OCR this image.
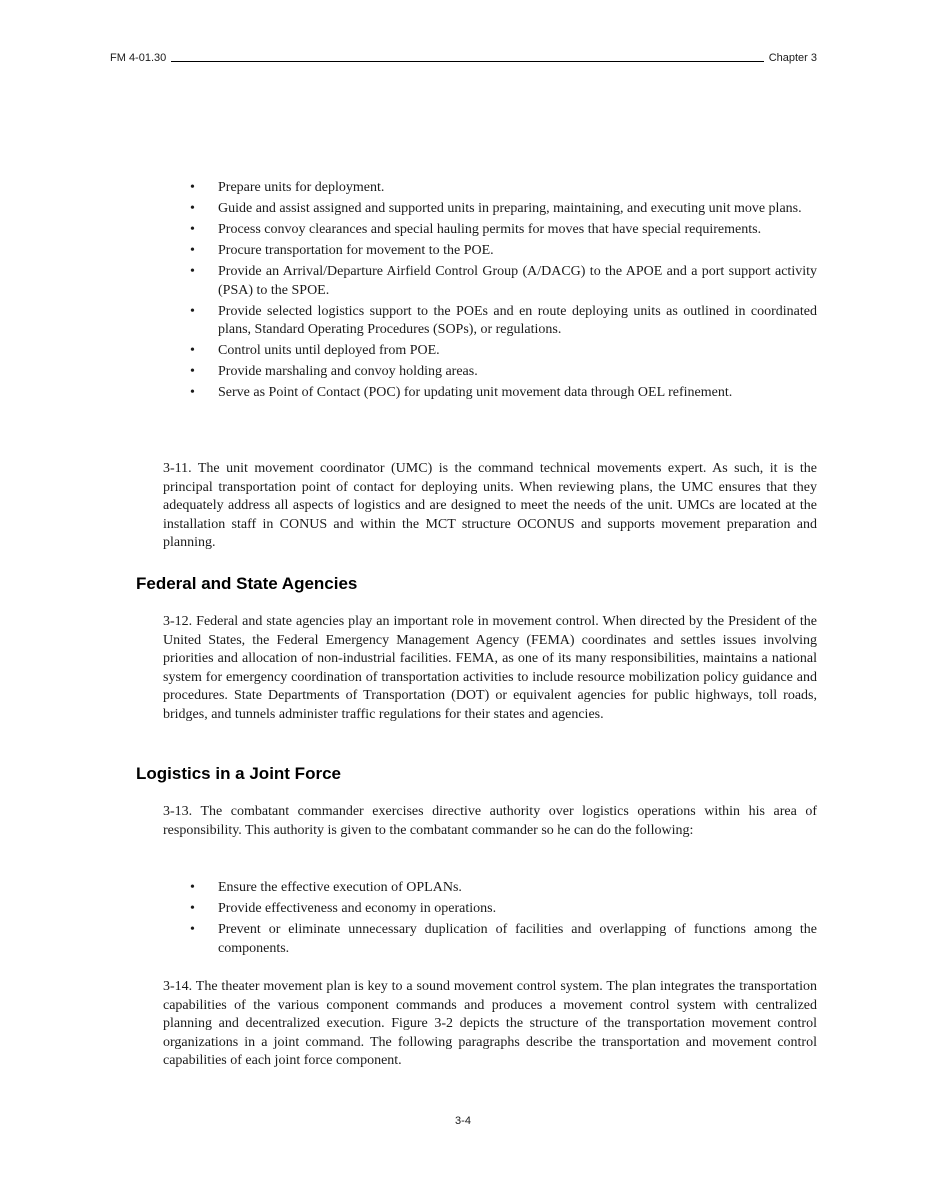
FM 4-01.30	Chapter 3
• Prepare units for deployment.
• Guide and assist assigned and supported units in preparing, maintaining, and executing unit move plans.
• Process convoy clearances and special hauling permits for moves that have special requirements.
• Procure transportation for movement to the POE.
• Provide an Arrival/Departure Airfield Control Group (A/DACG) to the APOE and a port support activity (PSA) to the SPOE.
• Provide selected logistics support to the POEs and en route deploying units as outlined in coordinated plans, Standard Operating Procedures (SOPs), or regulations.
• Control units until deployed from POE.
• Provide marshaling and convoy holding areas.
• Serve as Point of Contact (POC) for updating unit movement data through OEL refinement.

3-11. The unit movement coordinator (UMC) is the command technical movements expert. As such, it is the principal transportation point of contact for deploying units. When reviewing plans, the UMC ensures that they adequately address all aspects of logistics and are designed to meet the needs of the unit. UMCs are located at the installation staff in CONUS and within the MCT structure OCONUS and supports movement preparation and planning.

Federal and State Agencies

3-12. Federal and state agencies play an important role in movement control. When directed by the President of the United States, the Federal Emergency Management Agency (FEMA) coordinates and settles issues involving priorities and allocation of non-industrial facilities. FEMA, as one of its many responsibilities, maintains a national system for emergency coordination of transportation activities to include resource mobilization policy guidance and procedures. State Departments of Transportation (DOT) or equivalent agencies for public highways, toll roads, bridges, and tunnels administer traffic regulations for their states and agencies.

Logistics in a Joint Force

3-13. The combatant commander exercises directive authority over logistics operations within his area of responsibility. This authority is given to the combatant commander so he can do the following:

• Ensure the effective execution of OPLANs.
• Provide effectiveness and economy in operations.
• Prevent or eliminate unnecessary duplication of facilities and overlapping of functions among the components.

3-14. The theater movement plan is key to a sound movement control system. The plan integrates the transportation capabilities of the various component commands and produces a movement control system with centralized planning and decentralized execution. Figure 3-2 depicts the structure of the transportation movement control organizations in a joint command. The following paragraphs describe the transportation and movement control capabilities of each joint force component.

3-4
